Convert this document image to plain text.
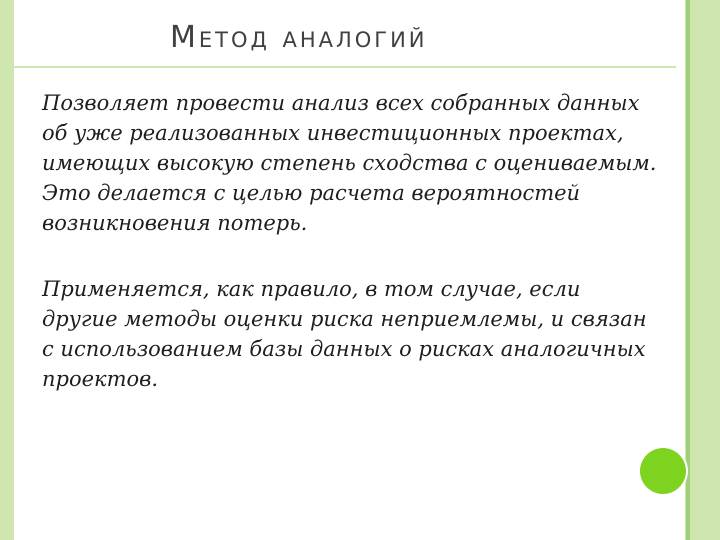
Метод аналогий

Позволяет провести анализ всех собранных данных об уже реализованных инвестиционных проектах, имеющих высокую степень сходства с оцениваемым. Это делается с целью расчета вероятностей возникновения потерь.

Применяется, как правило, в том случае, если другие методы оценки риска неприемлемы, и связан с использованием базы данных о рисках аналогичных проектов.
